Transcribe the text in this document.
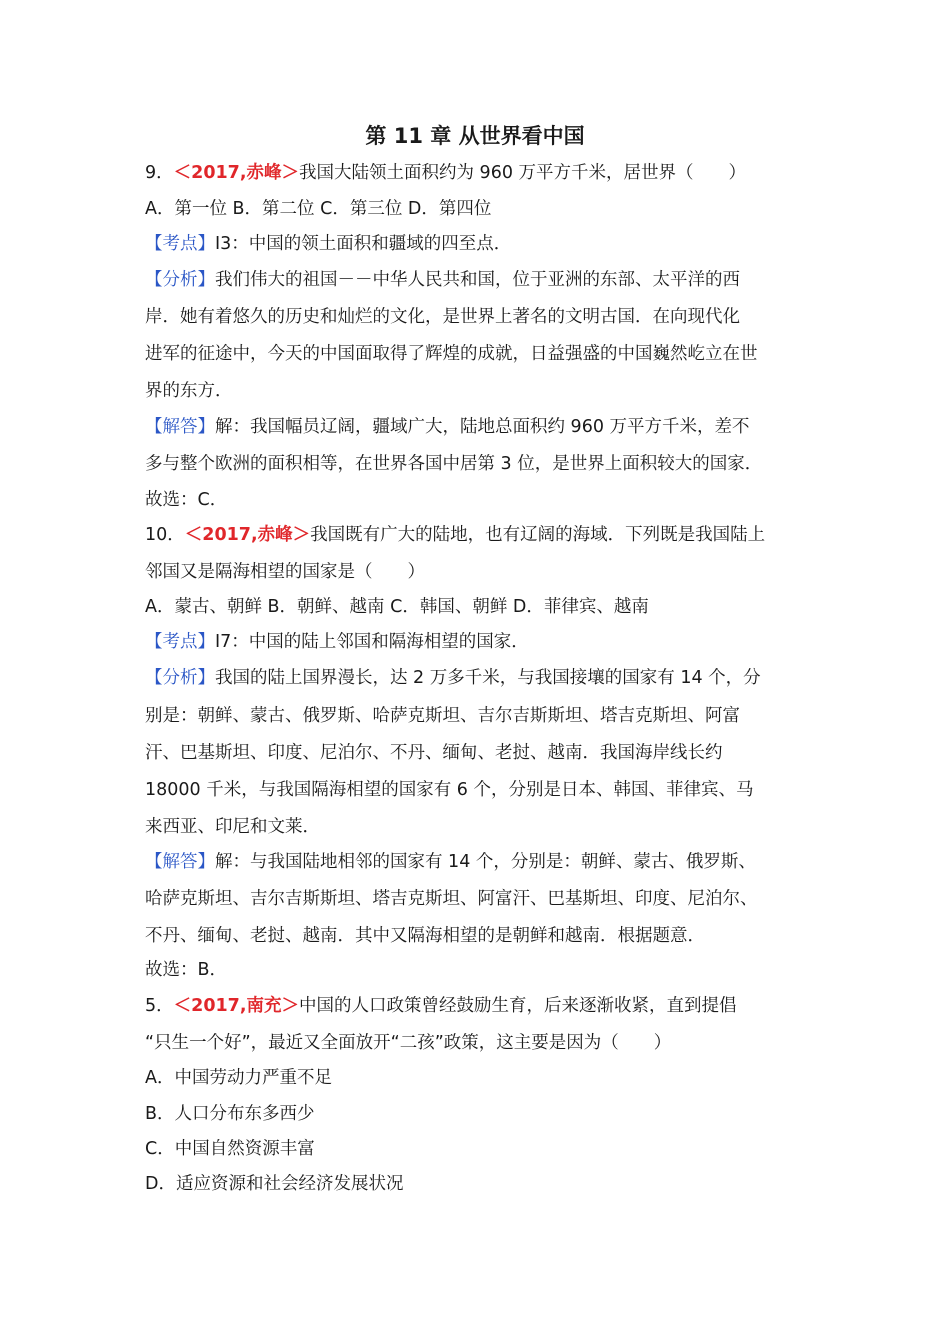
第 11 章 从世界看中国
9．＜2017,赤峰＞我国大陆领土面积约为 960 万平方千米，居世界（　　）
A．第一位 B．第二位 C．第三位 D．第四位
【考点】I3：中国的领土面积和疆域的四至点．
【分析】我们伟大的祖国－－中华人民共和国，位于亚洲的东部、太平洋的西
岸．她有着悠久的历史和灿烂的文化，是世界上著名的文明古国．在向现代化
进军的征途中，今天的中国面取得了辉煌的成就，日益强盛的中国巍然屹立在世
界的东方．
【解答】解：我国幅员辽阔，疆域广大，陆地总面积约 960 万平方千米，差不
多与整个欧洲的面积相等，在世界各国中居第 3 位，是世界上面积较大的国家．
故选：C．
10．＜2017,赤峰＞我国既有广大的陆地，也有辽阔的海域．下列既是我国陆上
邻国又是隔海相望的国家是（　　）
A．蒙古、朝鲜 B．朝鲜、越南 C．韩国、朝鲜 D．菲律宾、越南
【考点】I7：中国的陆上邻国和隔海相望的国家．
【分析】我国的陆上国界漫长，达 2 万多千米，与我国接壤的国家有 14 个，分
别是：朝鲜、蒙古、俄罗斯、哈萨克斯坦、吉尔吉斯斯坦、塔吉克斯坦、阿富
汗、巴基斯坦、印度、尼泊尔、不丹、缅甸、老挝、越南．我国海岸线长约
18000 千米，与我国隔海相望的国家有 6 个，分别是日本、韩国、菲律宾、马
来西亚、印尼和文莱．
【解答】解：与我国陆地相邻的国家有 14 个，分别是：朝鲜、蒙古、俄罗斯、
哈萨克斯坦、吉尔吉斯斯坦、塔吉克斯坦、阿富汗、巴基斯坦、印度、尼泊尔、
不丹、缅甸、老挝、越南．其中又隔海相望的是朝鲜和越南．根据题意．
故选：B．
5．＜2017,南充＞中国的人口政策曾经鼓励生育，后来逐渐收紧，直到提倡
“只生一个好”，最近又全面放开“二孩”政策，这主要是因为（　　）
A．中国劳动力严重不足
B．人口分布东多西少
C．中国自然资源丰富
D．适应资源和社会经济发展状况
